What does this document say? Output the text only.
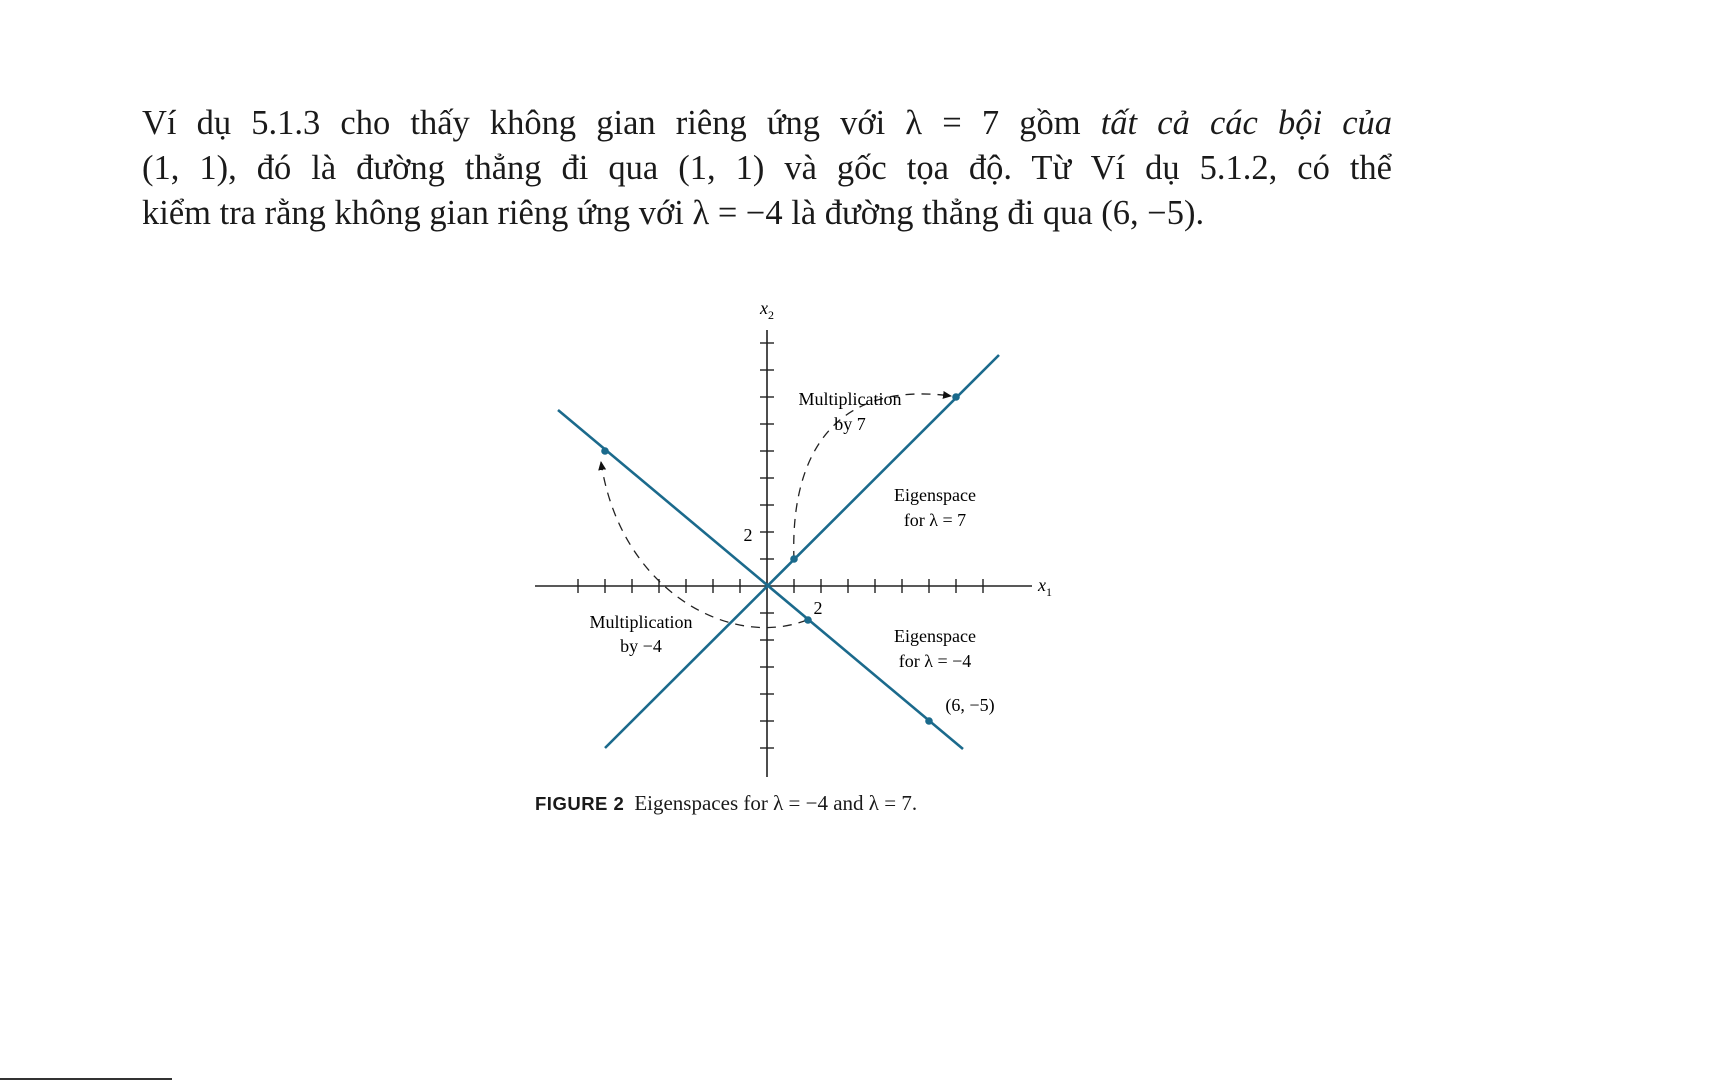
Ví dụ 5.1.3 cho thấy không gian riêng ứng với λ = 7 gồm tất cả các bội của
(1, 1), đó là đường thẳng đi qua (1, 1) và gốc tọa độ. Từ Ví dụ 5.1.2, có thể
kiểm tra rằng không gian riêng ứng với λ = −4 là đường thẳng đi qua (6, −5).
$x_2$
$x_1$
2
2
Multiplication
by 7
Eigenspace
for λ = 7
Multiplication
by −4	Eigenspace
for λ = −4
(6, −5)
FIGURE 2 Eigenspaces for λ = −4 and λ = 7.
